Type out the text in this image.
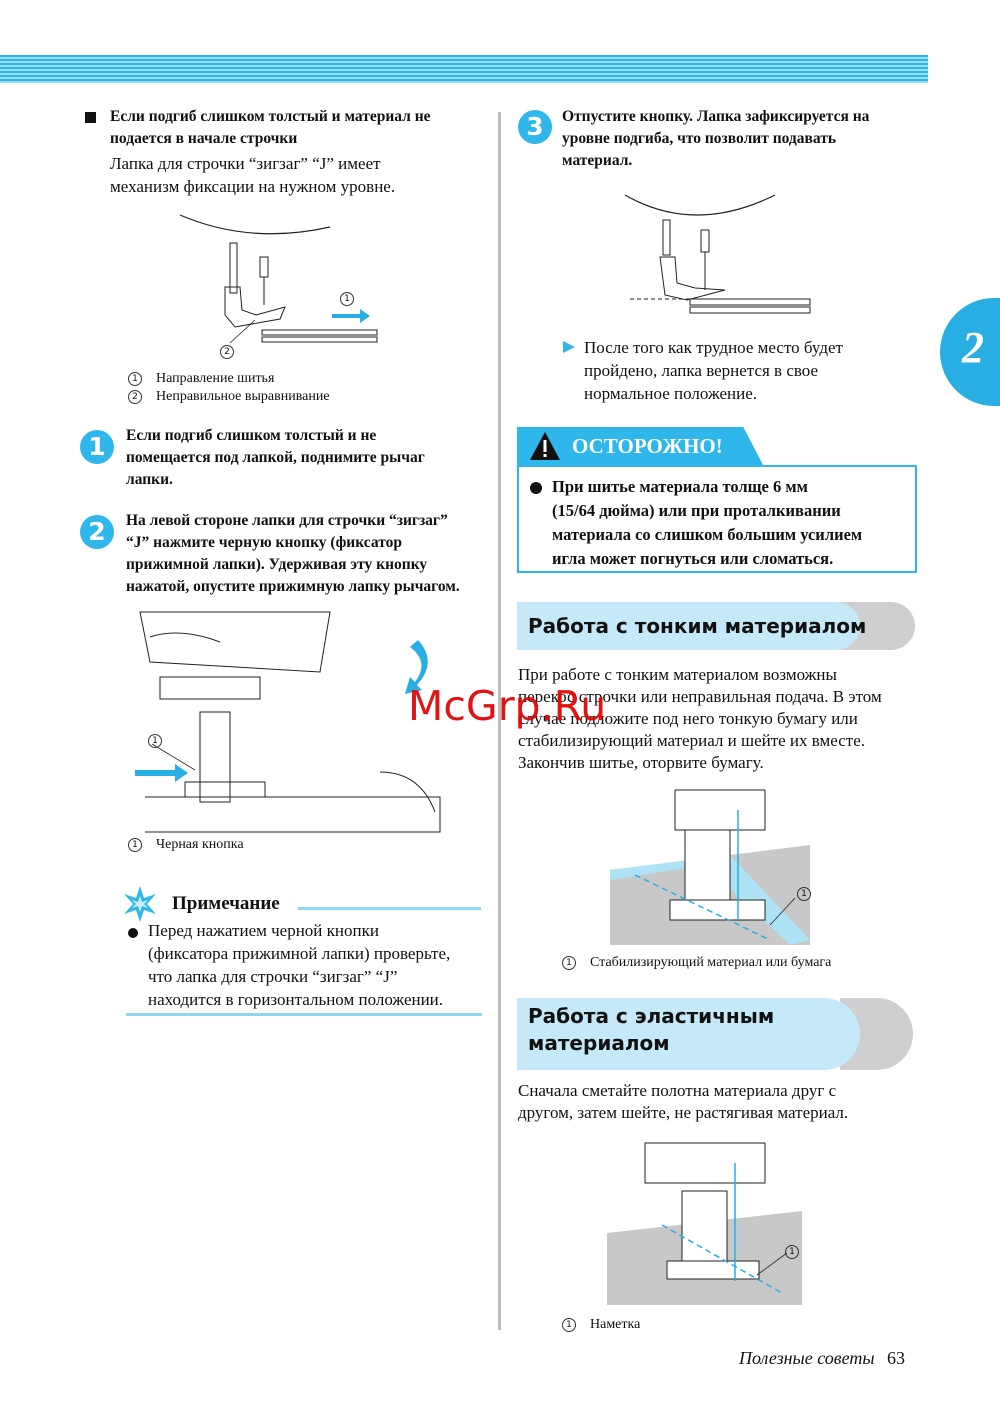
2
Если подгиб слишком толстый и материал не
подается в начале строчки
Лапка для строчки “зигзаг” “J” имеет
механизм фиксации на нужном уровне.
1
2
1 Направление шитья
2 Неправильное выравнивание
1	Если подгиб слишком толстый и не
помещается под лапкой, поднимите рычаг
лапки.
2	На левой стороне лапки для строчки “зигзаг”
“J” нажмите черную кнопку (фиксатор
прижимной лапки). Удерживая эту кнопку
нажатой, опустите прижимную лапку рычагом.
1
1 Черная кнопка
Примечание
Перед нажатием черной кнопки
(фиксатора прижимной лапки) проверьте,
что лапка для строчки “зигзаг” “J”
находится в горизонтальном положении.
3	Отпустите кнопку. Лапка зафиксируется на
уровне подгиба, что позволит подавать
материал.
После того как трудное место будет
пройдено, лапка вернется в свое
нормальное положение.
ОСТОРОЖНО!
При шитье материала толще 6 мм
(15/64 дюйма) или при проталкивании
материала со слишком большим усилием
игла может погнуться или сломаться.
Работа с тонким материалом
При работе с тонким материалом возможны
перекос строчки или неправильная подача. В этом
случае подложите под него тонкую бумагу или
стабилизирующий материал и шейте их вместе.
Закончив шитье, оторвите бумагу.
McGrp.Ru
1
1 Стабилизирующий материал или бумага
Работа с эластичным
материалом
Сначала сметайте полотна материала друг с
другом, затем шейте, не растягивая материал.
1
1 Наметка
Полезные советы 63
